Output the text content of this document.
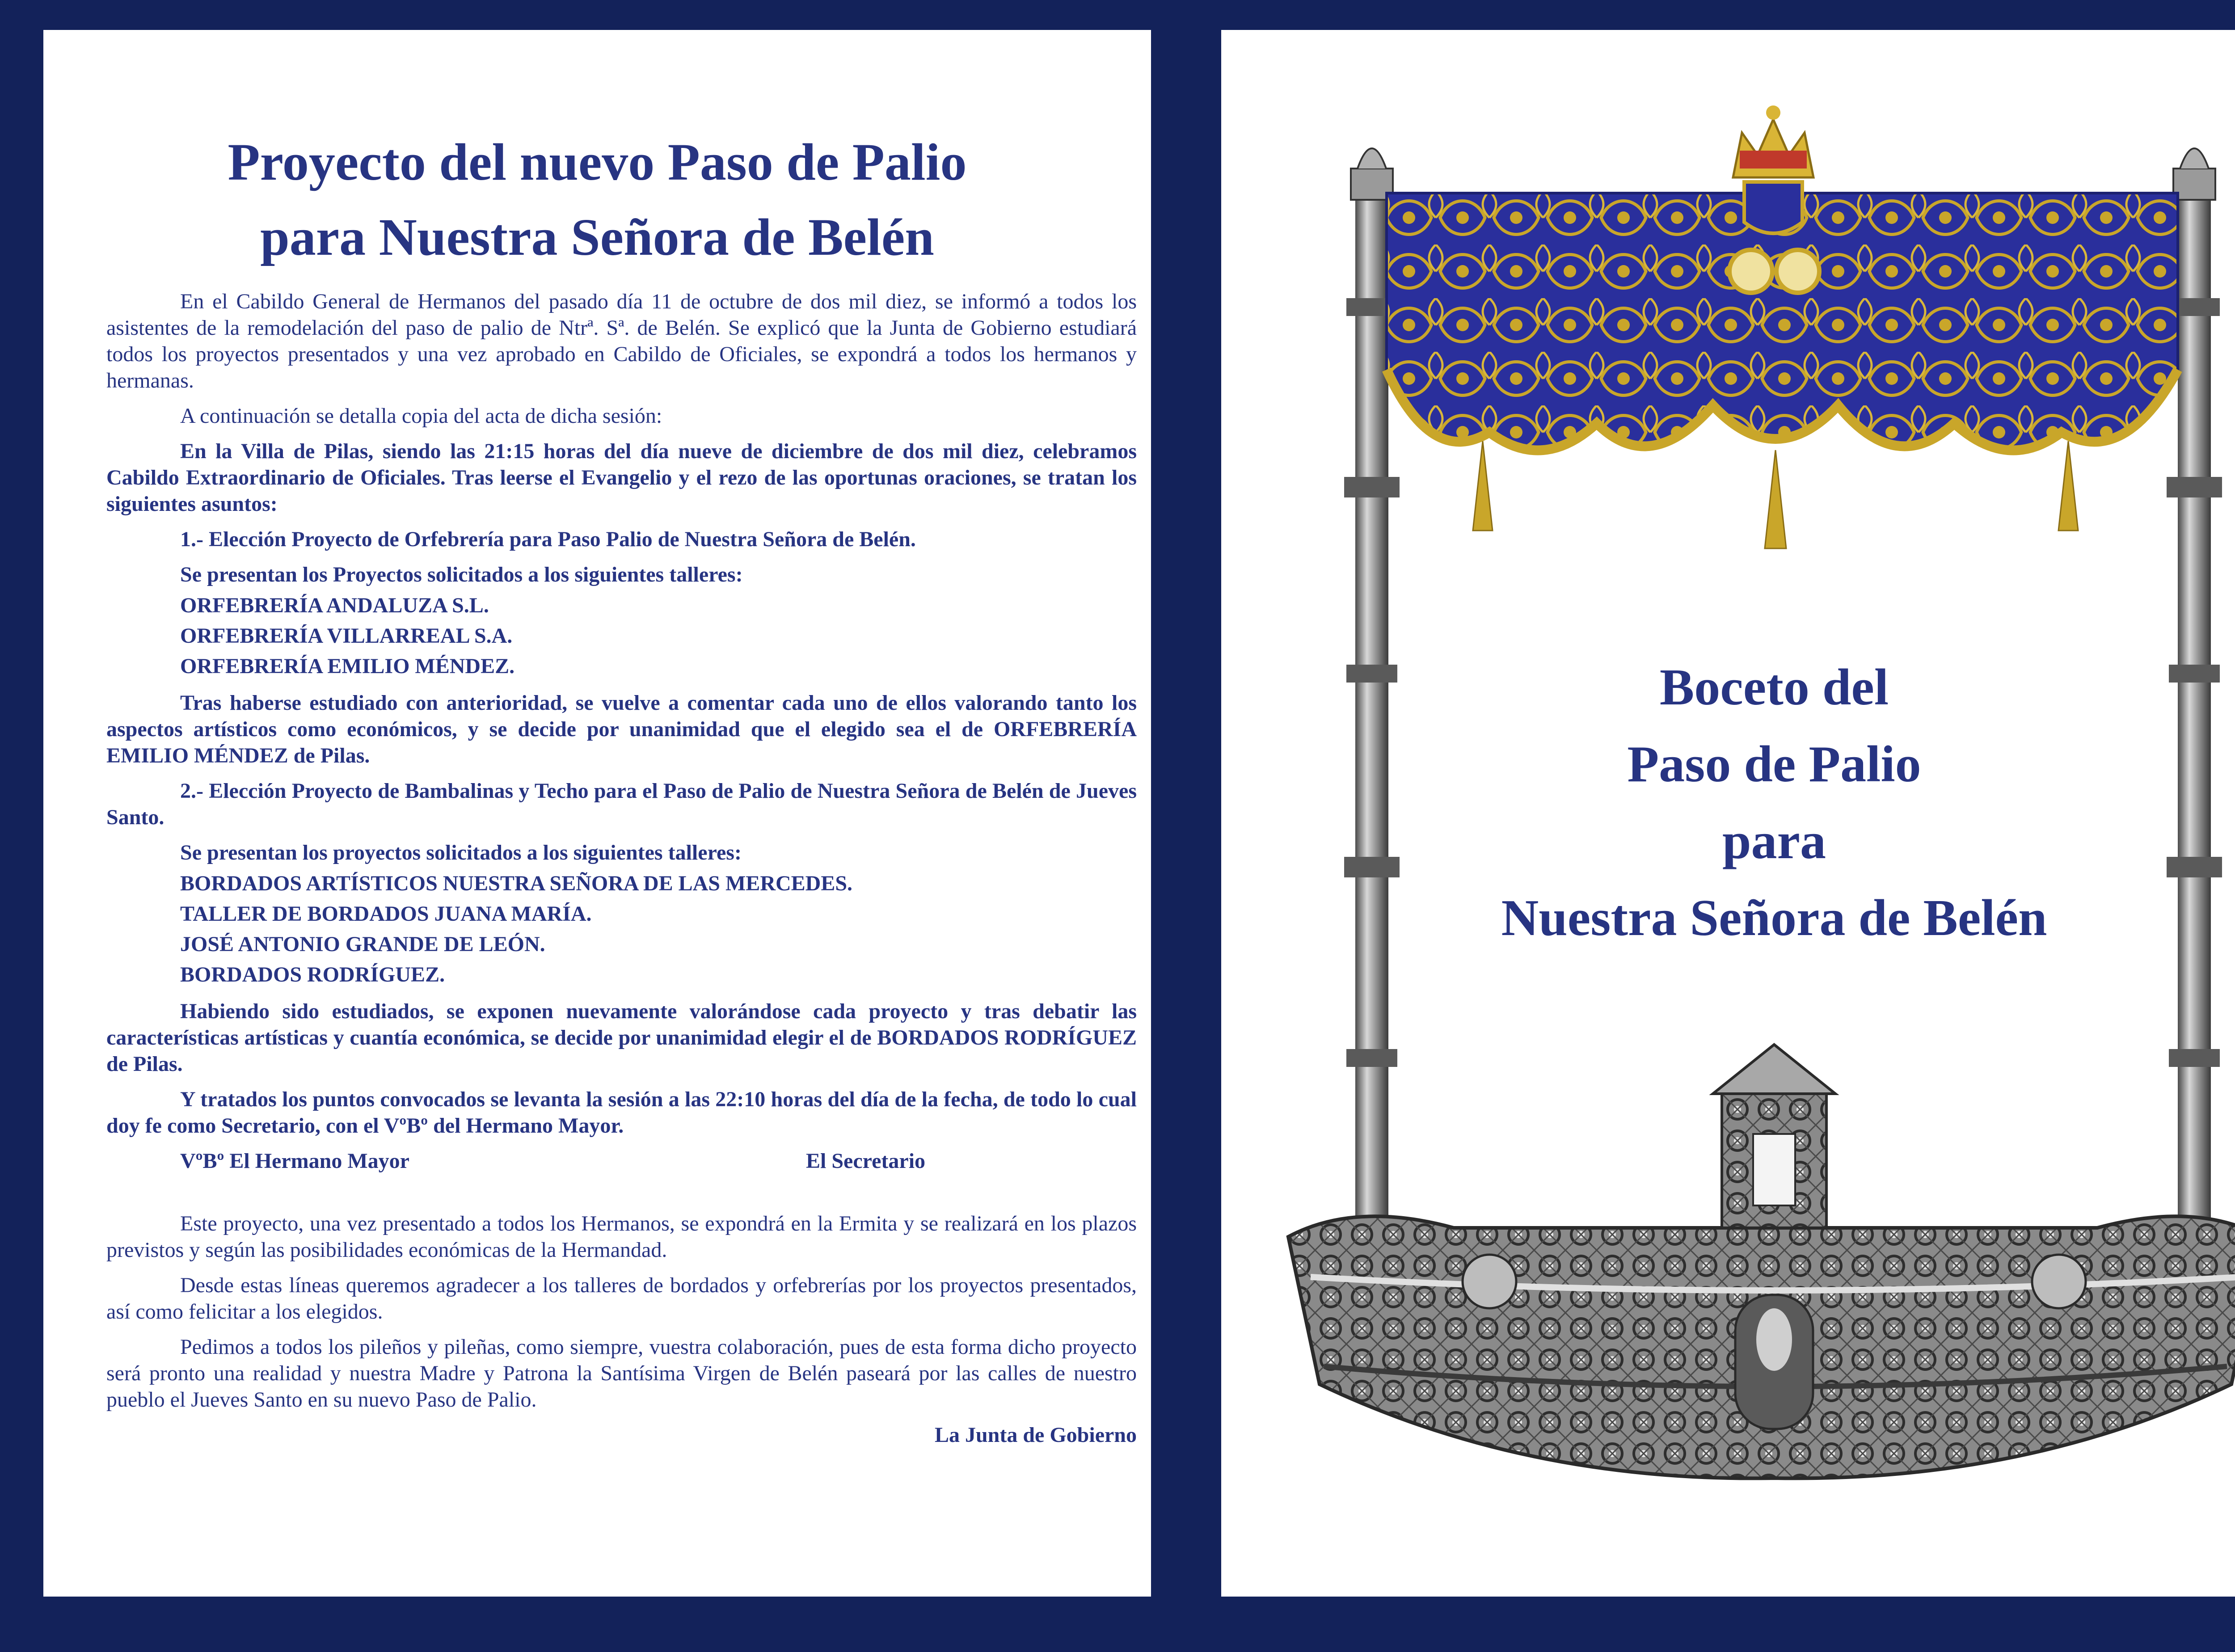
Proyecto del nuevo Paso de Palio
para Nuestra Señora de Belén

En el Cabildo General de Hermanos del pasado día 11 de octubre de dos mil diez, se informó a todos los asistentes de la remodelación del paso de palio de Ntrª. Sª. de Belén. Se explicó que la Junta de Gobierno estudiará todos los proyectos presentados y una vez aprobado en Cabildo de Oficiales, se expondrá a todos los hermanos y hermanas.

A continuación se detalla copia del acta de dicha sesión:

En la Villa de Pilas, siendo las 21:15 horas del día nueve de diciembre de dos mil diez, celebramos Cabildo Extraordinario de Oficiales. Tras leerse el Evangelio y el rezo de las oportunas oraciones, se tratan los siguientes asuntos:

1.- Elección Proyecto de Orfebrería para Paso Palio de Nuestra Señora de Belén.

Se presentan los Proyectos solicitados a los siguientes talleres:

ORFEBRERÍA ANDALUZA S.L.
ORFEBRERÍA VILLARREAL S.A.
ORFEBRERÍA EMILIO MÉNDEZ.

Tras haberse estudiado con anterioridad, se vuelve a comentar cada uno de ellos valorando tanto los aspectos artísticos como económicos, y se decide por unanimidad que el elegido sea el de ORFEBRERÍA EMILIO MÉNDEZ de Pilas.

2.- Elección Proyecto de Bambalinas y Techo para el Paso de Palio de Nuestra Señora de Belén de Jueves Santo.

Se presentan los proyectos solicitados a los siguientes talleres:

BORDADOS ARTÍSTICOS NUESTRA SEÑORA DE LAS MERCEDES.
TALLER DE BORDADOS JUANA MARÍA.
JOSÉ ANTONIO GRANDE DE LEÓN.
BORDADOS RODRÍGUEZ.

Habiendo sido estudiados, se exponen nuevamente valorándose cada proyecto y tras debatir las características artísticas y cuantía económica, se decide por unanimidad elegir el de BORDADOS RODRÍGUEZ de Pilas.

Y tratados los puntos convocados se levanta la sesión a las 22:10 horas del día de la fecha, de todo lo cual doy fe como Secretario, con el VºBº del Hermano Mayor.

VºBº El Hermano Mayor	El Secretario

Este proyecto, una vez presentado a todos los Hermanos, se expondrá en la Ermita y se realizará en los plazos previstos y según las posibilidades económicas de la Hermandad.

Desde estas líneas queremos agradecer a los talleres de bordados y orfebrerías por los proyectos presentados, así como felicitar a los elegidos.

Pedimos a todos los pileños y pileñas, como siempre, vuestra colaboración, pues de esta forma dicho proyecto será pronto una realidad y nuestra Madre y Patrona la Santísima Virgen de Belén paseará por las calles de nuestro pueblo el Jueves Santo en su nuevo Paso de Palio.

La Junta de Gobierno
Boceto del
Paso de Palio
para
Nuestra Señora de Belén
